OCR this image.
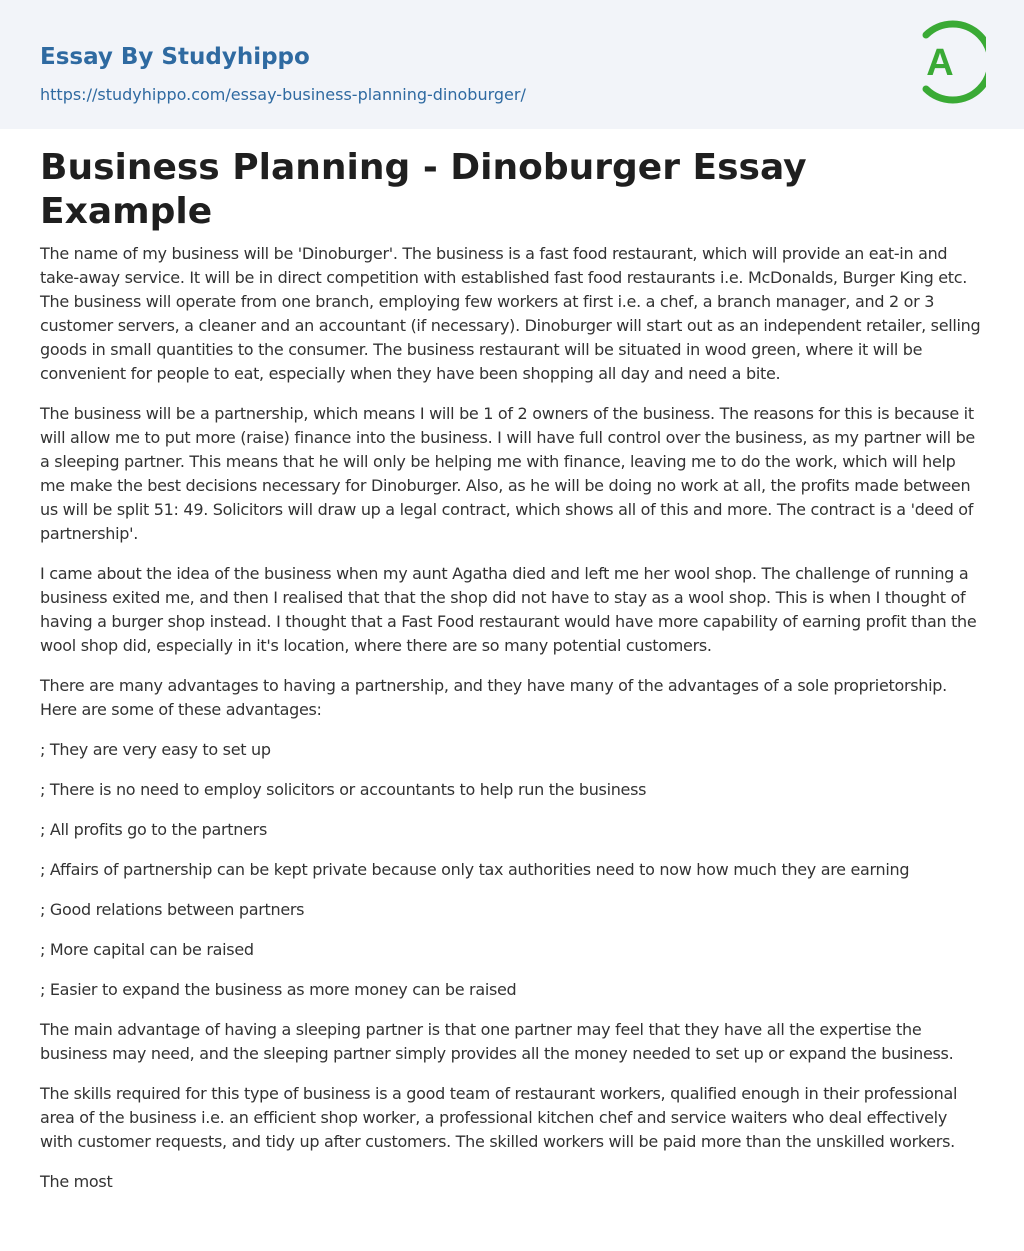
Essay By Studyhippo
https://studyhippo.com/essay-business-planning-dinoburger/
A
Business Planning - Dinoburger Essay Example

The name of my business will be 'Dinoburger'. The business is a fast food restaurant, which will provide an eat-in and take-away service. It will be in direct competition with established fast food restaurants i.e. McDonalds, Burger King etc. The business will operate from one branch, employing few workers at first i.e. a chef, a branch manager, and 2 or 3 customer servers, a cleaner and an accountant (if necessary). Dinoburger will start out as an independent retailer, selling goods in small quantities to the consumer. The business restaurant will be situated in wood green, where it will be convenient for people to eat, especially when they have been shopping all day and need a bite.

The business will be a partnership, which means I will be 1 of 2 owners of the business. The reasons for this is because it will allow me to put more (raise) finance into the business. I will have full control over the business, as my partner will be a sleeping partner. This means that he will only be helping me with finance, leaving me to do the work, which will help me make the best decisions necessary for Dinoburger. Also, as he will be doing no work at all, the profits made between us will be split 51: 49. Solicitors will draw up a legal contract, which shows all of this and more. The contract is a 'deed of partnership'.

I came about the idea of the business when my aunt Agatha died and left me her wool shop. The challenge of running a business exited me, and then I realised that that the shop did not have to stay as a wool shop. This is when I thought of having a burger shop instead. I thought that a Fast Food restaurant would have more capability of earning profit than the wool shop did, especially in it's location, where there are so many potential customers.

There are many advantages to having a partnership, and they have many of the advantages of a sole proprietorship. Here are some of these advantages:

; They are very easy to set up

; There is no need to employ solicitors or accountants to help run the business

; All profits go to the partners

; Affairs of partnership can be kept private because only tax authorities need to now how much they are earning

; Good relations between partners

; More capital can be raised

; Easier to expand the business as more money can be raised

The main advantage of having a sleeping partner is that one partner may feel that they have all the expertise the business may need, and the sleeping partner simply provides all the money needed to set up or expand the business.

The skills required for this type of business is a good team of restaurant workers, qualified enough in their professional area of the business i.e. an efficient shop worker, a professional kitchen chef and service waiters who deal effectively with customer requests, and tidy up after customers. The skilled workers will be paid more than the unskilled workers.

The most
